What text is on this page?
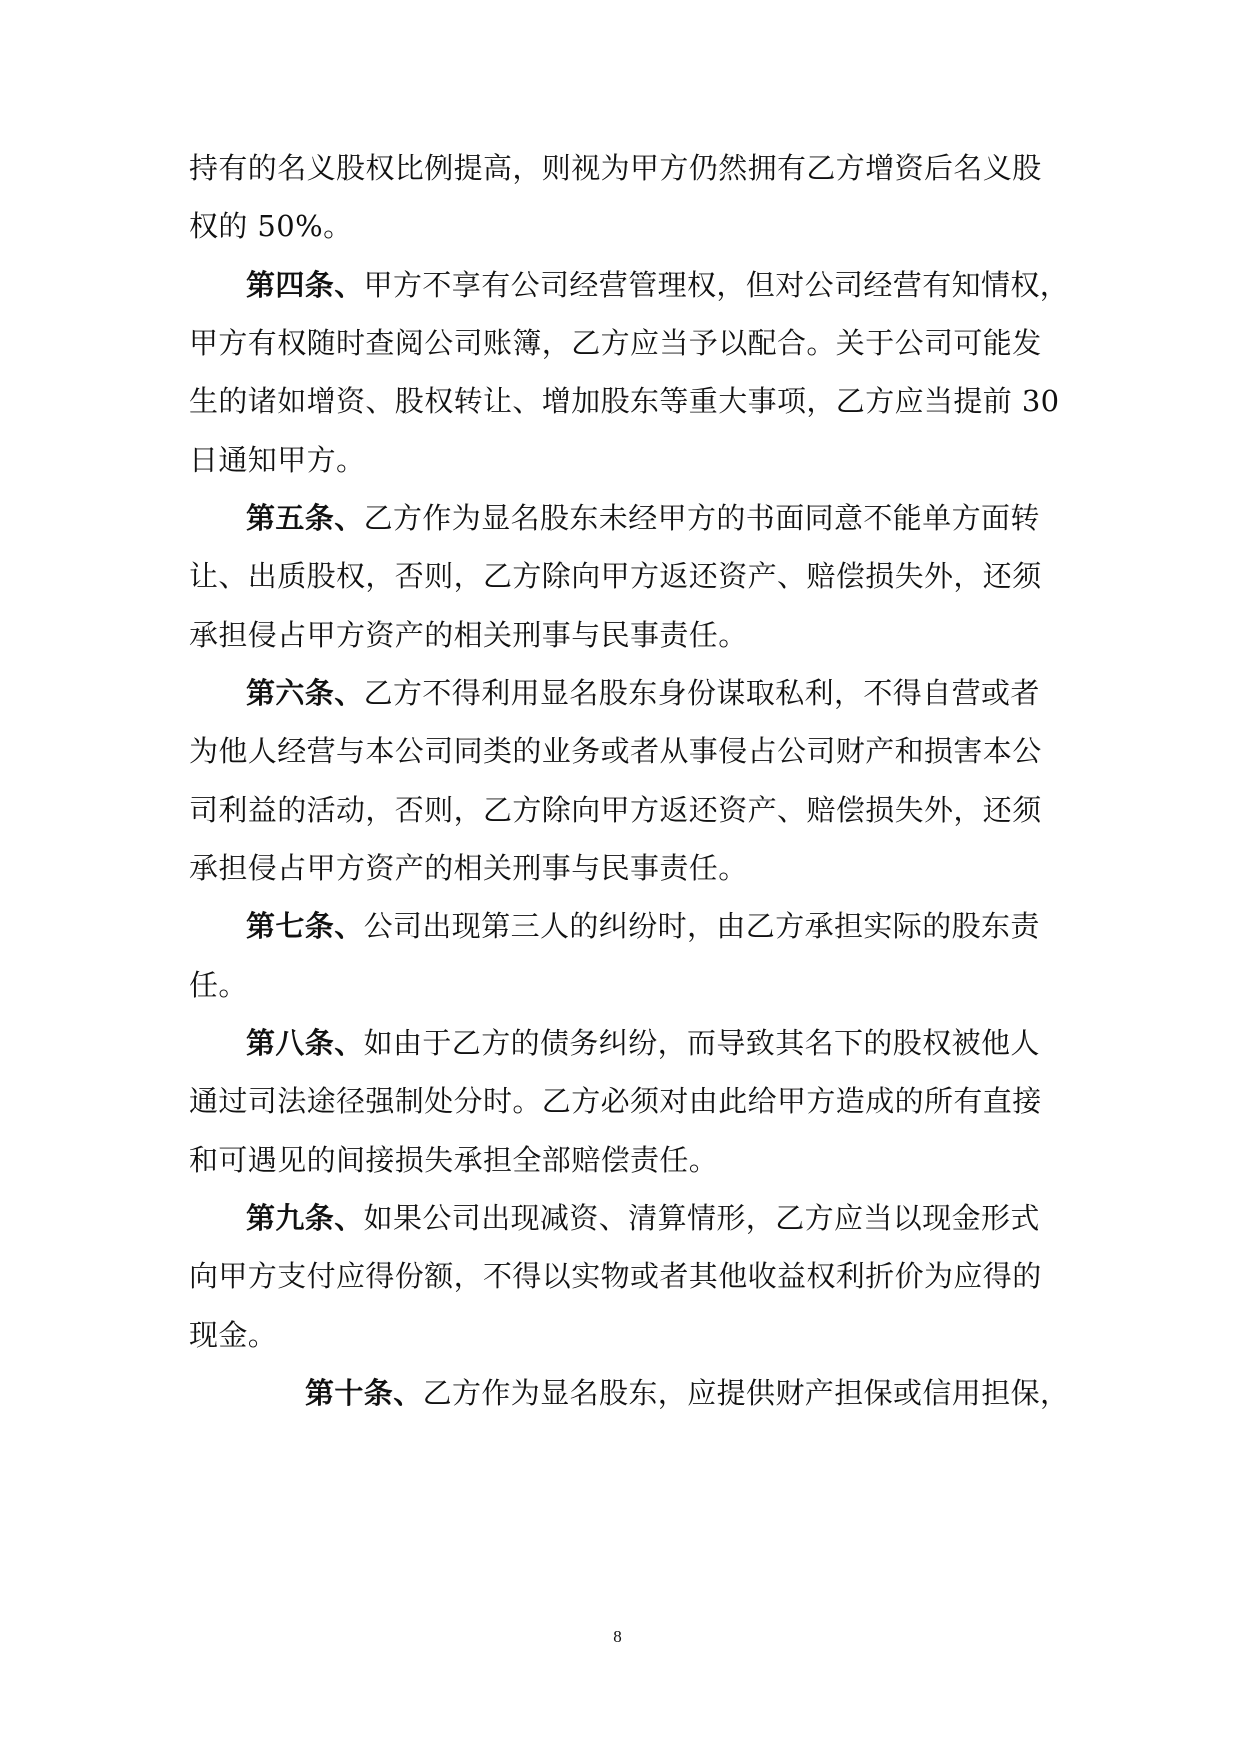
持有的名义股权比例提高，则视为甲方仍然拥有乙方增资后名义股
权的 50%。
第四条、甲方不享有公司经营管理权，但对公司经营有知情权，
甲方有权随时查阅公司账簿，乙方应当予以配合。关于公司可能发
生的诸如增资、股权转让、增加股东等重大事项，乙方应当提前 30
日通知甲方。
第五条、乙方作为显名股东未经甲方的书面同意不能单方面转
让、出质股权，否则，乙方除向甲方返还资产、赔偿损失外，还须
承担侵占甲方资产的相关刑事与民事责任。
第六条、乙方不得利用显名股东身份谋取私利，不得自营或者
为他人经营与本公司同类的业务或者从事侵占公司财产和损害本公
司利益的活动，否则，乙方除向甲方返还资产、赔偿损失外，还须
承担侵占甲方资产的相关刑事与民事责任。
第七条、公司出现第三人的纠纷时，由乙方承担实际的股东责
任。
第八条、如由于乙方的债务纠纷，而导致其名下的股权被他人
通过司法途径强制处分时。乙方必须对由此给甲方造成的所有直接
和可遇见的间接损失承担全部赔偿责任。
第九条、如果公司出现减资、清算情形，乙方应当以现金形式
向甲方支付应得份额，不得以实物或者其他收益权利折价为应得的
现金。
第十条、乙方作为显名股东，应提供财产担保或信用担保，
8
